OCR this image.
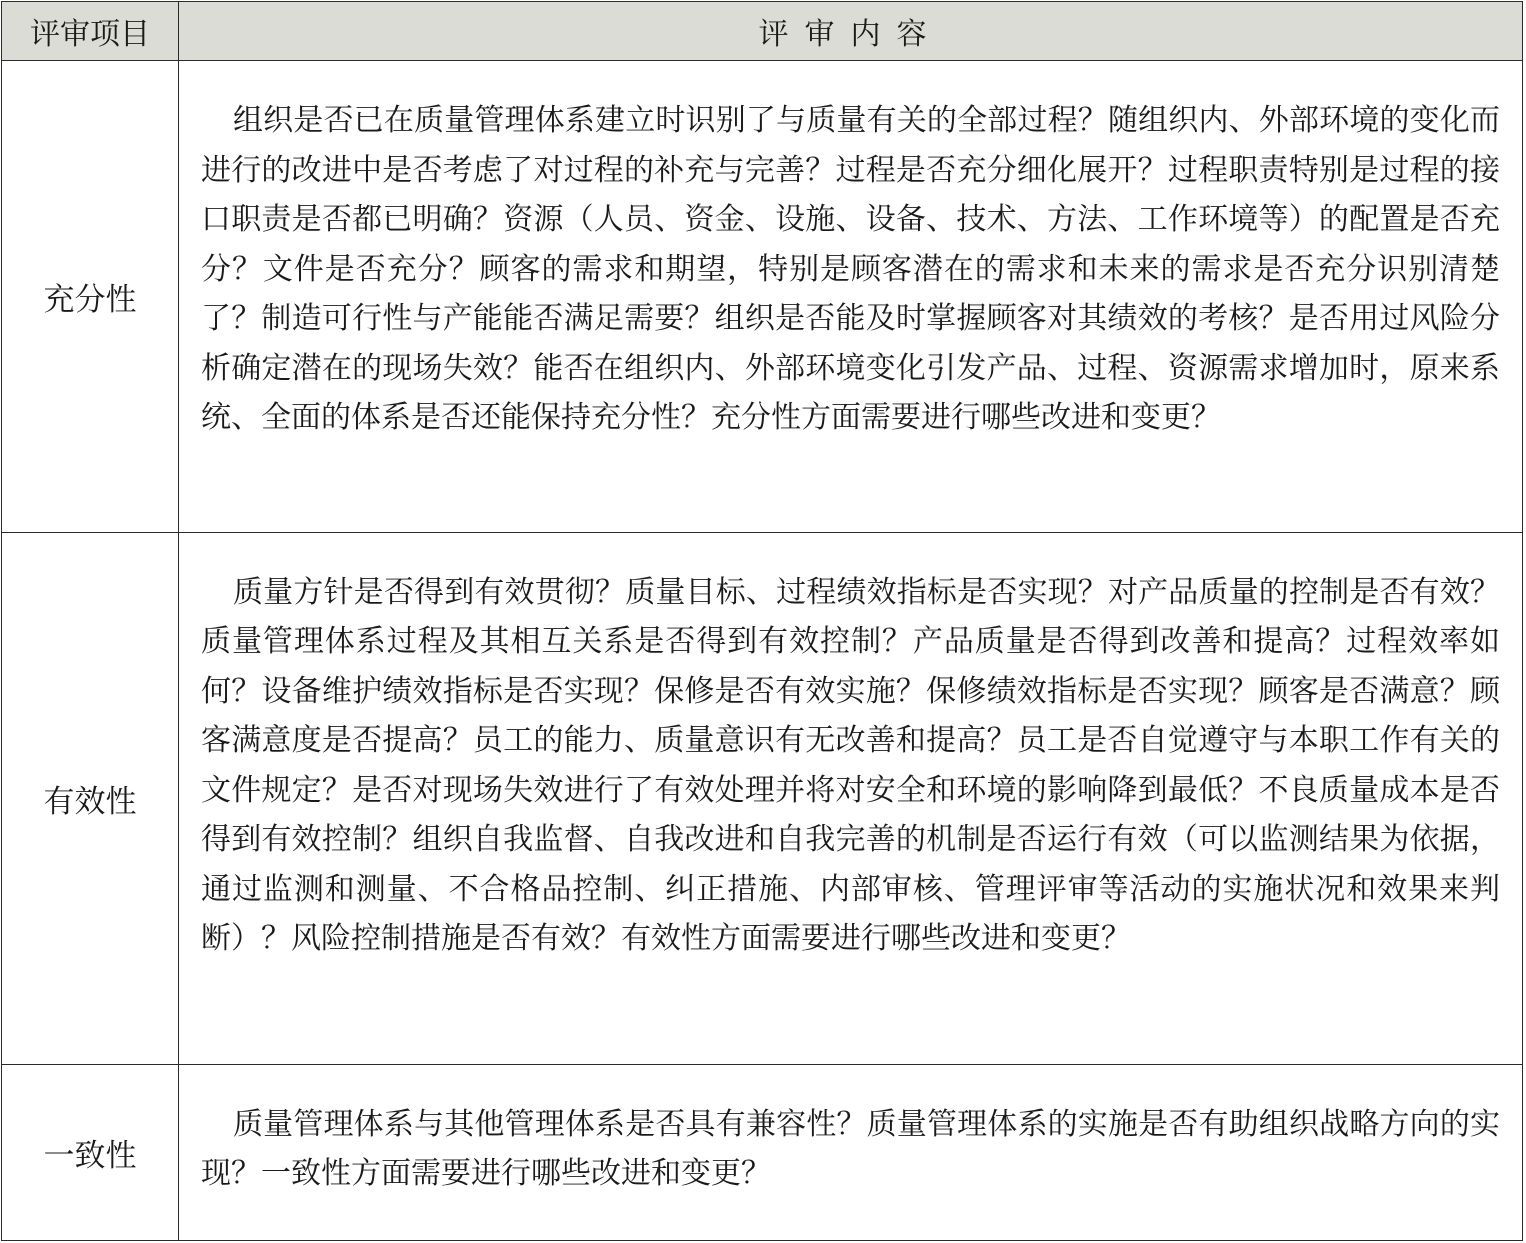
评审项目	评审内容
充分性	组织是否已在质量管理体系建立时识别了与质量有关的全部过程？随组织内、外部环境的变化而进行的改进中是否考虑了对过程的补充与完善？过程是否充分细化展开？过程职责特别是过程的接口职责是否都已明确？资源（人员、资金、设施、设备、技术、方法、工作环境等）的配置是否充分？文件是否充分？顾客的需求和期望，特别是顾客潜在的需求和未来的需求是否充分识别清楚了？制造可行性与产能能否满足需要？组织是否能及时掌握顾客对其绩效的考核？是否用过风险分析确定潜在的现场失效？能否在组织内、外部环境变化引发产品、过程、资源需求增加时，原来系统、全面的体系是否还能保持充分性？充分性方面需要进行哪些改进和变更？
有效性	质量方针是否得到有效贯彻？质量目标、过程绩效指标是否实现？对产品质量的控制是否有效？质量管理体系过程及其相互关系是否得到有效控制？产品质量是否得到改善和提高？过程效率如何？设备维护绩效指标是否实现？保修是否有效实施？保修绩效指标是否实现？顾客是否满意？顾客满意度是否提高？员工的能力、质量意识有无改善和提高？员工是否自觉遵守与本职工作有关的文件规定？是否对现场失效进行了有效处理并将对安全和环境的影响降到最低？不良质量成本是否得到有效控制？组织自我监督、自我改进和自我完善的机制是否运行有效（可以监测结果为依据，通过监测和测量、不合格品控制、纠正措施、内部审核、管理评审等活动的实施状况和效果来判断）？风险控制措施是否有效？有效性方面需要进行哪些改进和变更？
一致性	质量管理体系与其他管理体系是否具有兼容性？质量管理体系的实施是否有助组织战略方向的实现？一致性方面需要进行哪些改进和变更？
